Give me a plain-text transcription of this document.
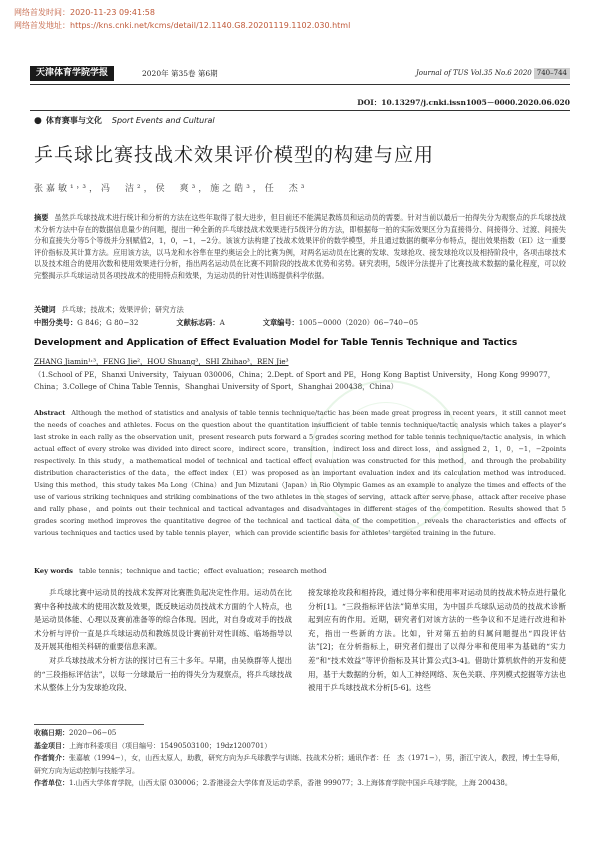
网络首发时间：2020-11-23 09:41:58
网络首发地址：https://kns.cnki.net/kcms/detail/12.1140.G8.20201119.1102.030.html
天津体育学院学报	2020年 第35卷 第6期	Journal of TUS Vol.35 No.6 2020 740–744
DOI：10.13297/j.cnki.issn1005－0000.2020.06.020
● 体育赛事与文化 Sport Events and Cultural
乒乓球比赛技战术效果评价模型的构建与应用
张嘉敏¹˒³，冯　洁²，侯　爽³，施之皓³，任　杰³
摘要 虽然乒乓球技战术进行统计和分析的方法在这些年取得了很大进步，但目前还不能满足教练员和运动员的需要。针对当前以最后一拍得失分为观察点的乒乓球技战术分析方法中存在的数据信息量少的问题，提出一种全新的乒乓球技战术效果进行5级评分的方法，即根据每一拍的实际效果区分为直接得分、间接得分、过渡、间接失分和直接失分等5个等级并分别赋值2，1，0，−1，−2分。该该方法构建了技战术效果评价的数学模型，并且通过数据的概率分布特点，提出效果指数（EI）这一重要评价指标及其计算方法。应用该方法，以马龙和水谷隼在里约奥运会上的比赛为例，对两名运动员在比赛的发球、发球抢攻、接发球抢攻以及相持阶段中，各项击球技术以及技术组合的使用次数和使用效果进行分析，指出两名运动员在比赛不同阶段的技战术优势和劣势。研究表明，5级评分法提升了比赛技战术数据的量化程度，可以较完整揭示乒乓球运动员各项技战术的使用特点和效果，为运动员的针对性训练提供科学依据。
关键词 乒乓球；技战术；效果评价；研究方法
中图分类号：G 846；G 80−32	文献标志码：A	文章编号：1005−0000（2020）06−740−05
Development and Application of Effect Evaluation Model for Table Tennis Technique and Tactics
ZHANG Jiamin¹˒³，FENG Jie²，HOU Shuang³，SHI Zhihao³，REN Jie³
（1.School of PE，Shanxi University，Taiyuan 030006，China；2.Dept. of Sport and PE，Hong Kong Baptist University，Hong Kong 999077，China；3.College of China Table Tennis，Shanghai University of Sport，Shanghai 200438，China）
Abstract Although the method of statistics and analysis of table tennis technique/tactic has been made great progress in recent years，it still cannot meet the needs of coaches and athletes. Focus on the question about the quantitation insufficient of table tennis technique/tactic analysis which takes a player's last stroke in each rally as the observation unit，present research puts forward a 5 grades scoring method for table tennis technique/tactic analysis，in which actual effect of every stroke was divided into direct score，indirect score，transition，indirect loss and direct loss，and assigned 2，1，0，−1，−2points respectively. In this study，a mathematical model of technical and tactical effect evaluation was constructed for this method，and through the probability distribution characteristics of the data，the effect index（EI）was proposed as an important evaluation index and its calculation method was introduced. Using this method，this study takes Ma Long（China）and Jun Mizutani（Japan）in Rio Olympic Games as an example to analyze the times and effects of the use of various striking techniques and striking combinations of the two athletes in the stages of serving，attack after serve phase，attack after receive phase and rally phase，and points out their technical and tactical advantages and disadvantages in different stages of the competition. Results showed that 5 grades scoring method improves the quantitative degree of the technical and tactical data of the competition，reveals the characteristics and effects of various techniques and tactics used by table tennis player，which can provide scientific basis for athletes' targeted training in the future.
Key words table tennis；technique and tactic；effect evaluation；research method

乒乓球比赛中运动员的技战术发挥对比赛胜负起决定性作用。运动员在比赛中各种技战术的使用次数及效果，既反映运动员技战术方面的个人特点，也是运动员体能、心理以及赛前准备等的综合体现。因此，对自身或对手的技战术分析与评价一直是乒乓球运动员和教练员设计赛前针对性训练、临场指导以及开展其他相关科研的重要信息来源。

对乒乓球技战术分析方法的探讨已有三十多年。早期，由吴焕群等人提出的“三段指标评估法”，以每一分球最后一拍的得失分为观察点，将乒乓球技战术从整体上分为发球抢攻段、

接发球抢攻段和相持段，通过得分率和使用率对运动员的技战术特点进行量化分析[1]。“三段指标评估法”简单实用，为中国乒乓球队运动员的技战术诊断起到应有的作用。近期，研究者们对该方法的一些争议和不足进行改进和补充，指出一些新的方法。比如，针对第五拍的归属问题提出“四段评估法”[2]；在分析指标上，研究者们提出了以得分率和使用率为基础的“实力差”和“技术效益”等评价指标及其计算公式[3-4]。借助计算机软件的开发和使用，基于大数据的分析，如人工神经网络、灰色关联、序列模式挖掘等方法也被用于乒乓球技战术分析[5-6]。这些

收稿日期：2020−06−05
基金项目：上海市科委项目（项目编号：15490503100；19dz1200701）
作者简介：张嘉敏（1994−），女，山西太原人，助教，研究方向为乒乓球教学与训练、技战术分析；通讯作者：任　杰（1971−），男，浙江宁波人，教授，博士生导师，研究方向为运动控制与技能学习。
作者单位：1.山西大学体育学院，山西太原 030006；2.香港浸会大学体育及运动学系，香港 999077；3.上海体育学院中国乒乓球学院，上海 200438。
